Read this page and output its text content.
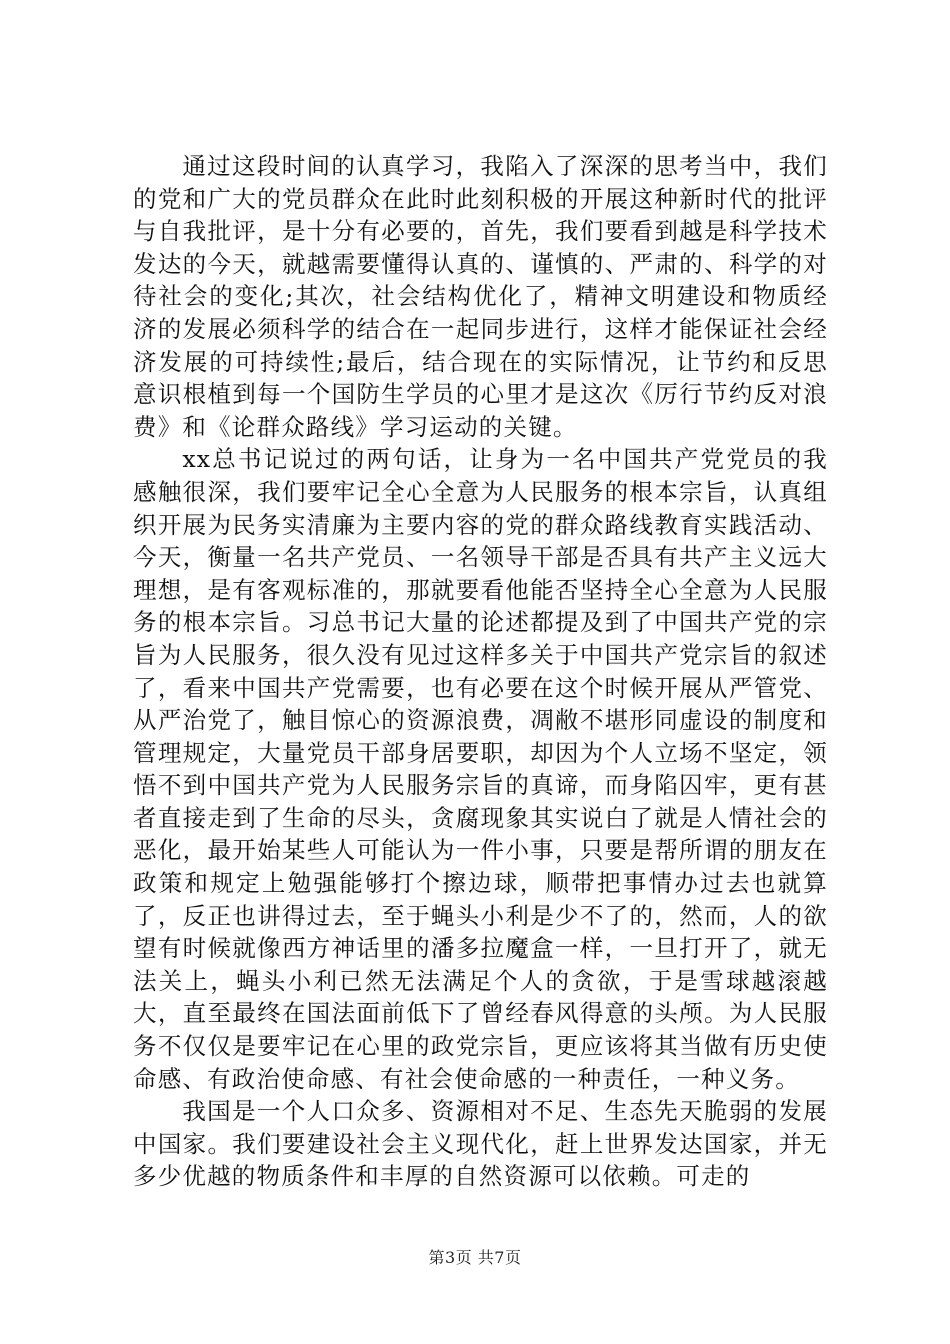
通过这段时间的认真学习，我陷入了深深的思考当中，我们的党和广大的党员群众在此时此刻积极的开展这种新时代的批评与自我批评，是十分有必要的，首先，我们要看到越是科学技术发达的今天，就越需要懂得认真的、谨慎的、严肃的、科学的对待社会的变化;其次，社会结构优化了，精神文明建设和物质经济的发展必须科学的结合在一起同步进行，这样才能保证社会经济发展的可持续性;最后，结合现在的实际情况，让节约和反思意识根植到每一个国防生学员的心里才是这次《厉行节约反对浪费》和《论群众路线》学习运动的关键。

xx总书记说过的两句话，让身为一名中国共产党党员的我感触很深，我们要牢记全心全意为人民服务的根本宗旨，认真组织开展为民务实清廉为主要内容的党的群众路线教育实践活动、今天，衡量一名共产党员、一名领导干部是否具有共产主义远大理想，是有客观标准的，那就要看他能否坚持全心全意为人民服务的根本宗旨。习总书记大量的论述都提及到了中国共产党的宗旨为人民服务，很久没有见过这样多关于中国共产党宗旨的叙述了，看来中国共产党需要，也有必要在这个时候开展从严管党、从严治党了，触目惊心的资源浪费，凋敝不堪形同虚设的制度和管理规定，大量党员干部身居要职，却因为个人立场不坚定，领悟不到中国共产党为人民服务宗旨的真谛，而身陷囚牢，更有甚者直接走到了生命的尽头，贪腐现象其实说白了就是人情社会的恶化，最开始某些人可能认为一件小事，只要是帮所谓的朋友在政策和规定上勉强能够打个擦边球，顺带把事情办过去也就算了，反正也讲得过去，至于蝇头小利是少不了的，然而，人的欲望有时候就像西方神话里的潘多拉魔盒一样，一旦打开了，就无法关上，蝇头小利已然无法满足个人的贪欲，于是雪球越滚越大，直至最终在国法面前低下了曾经春风得意的头颅。为人民服务不仅仅是要牢记在心里的政党宗旨，更应该将其当做有历史使命感、有政治使命感、有社会使命感的一种责任，一种义务。

我国是一个人口众多、资源相对不足、生态先天脆弱的发展中国家。我们要建设社会主义现代化，赶上世界发达国家，并无多少优越的物质条件和丰厚的自然资源可以依赖。可走的

第3页 共7页
